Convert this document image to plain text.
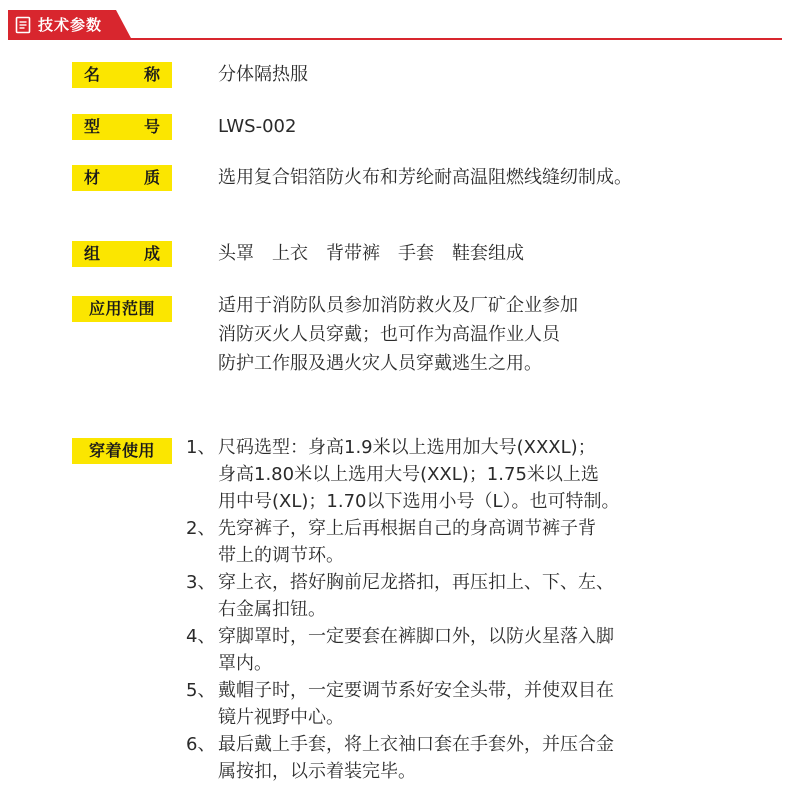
技术参数
名	称	分体隔热服
型	号	LWS-002
材	质	选用复合铝箔防火布和芳纶耐高温阻燃线缝纫制成。
组	成	头罩　上衣　背带裤　手套　鞋套组成
应用范围	适用于消防队员参加消防救火及厂矿企业参加
消防灭火人员穿戴；也可作为高温作业人员
防护工作服及遇火灾人员穿戴逃生之用。
穿着使用	1、 尺码选型：身高1.9米以上选用加大号(XXXL)；
身高1.80米以上选用大号(XXL)；1.75米以上选
用中号(XL)；1.70以下选用小号（L）。也可特制。
2、 先穿裤子，穿上后再根据自己的身高调节裤子背
带上的调节环。
3、 穿上衣，搭好胸前尼龙搭扣，再压扣上、下、左、
右金属扣钮。
4、 穿脚罩时，一定要套在裤脚口外，以防火星落入脚
罩内。
5、 戴帽子时，一定要调节系好安全头带，并使双目在
镜片视野中心。
6、 最后戴上手套，将上衣袖口套在手套外，并压合金
属按扣，以示着装完毕。
